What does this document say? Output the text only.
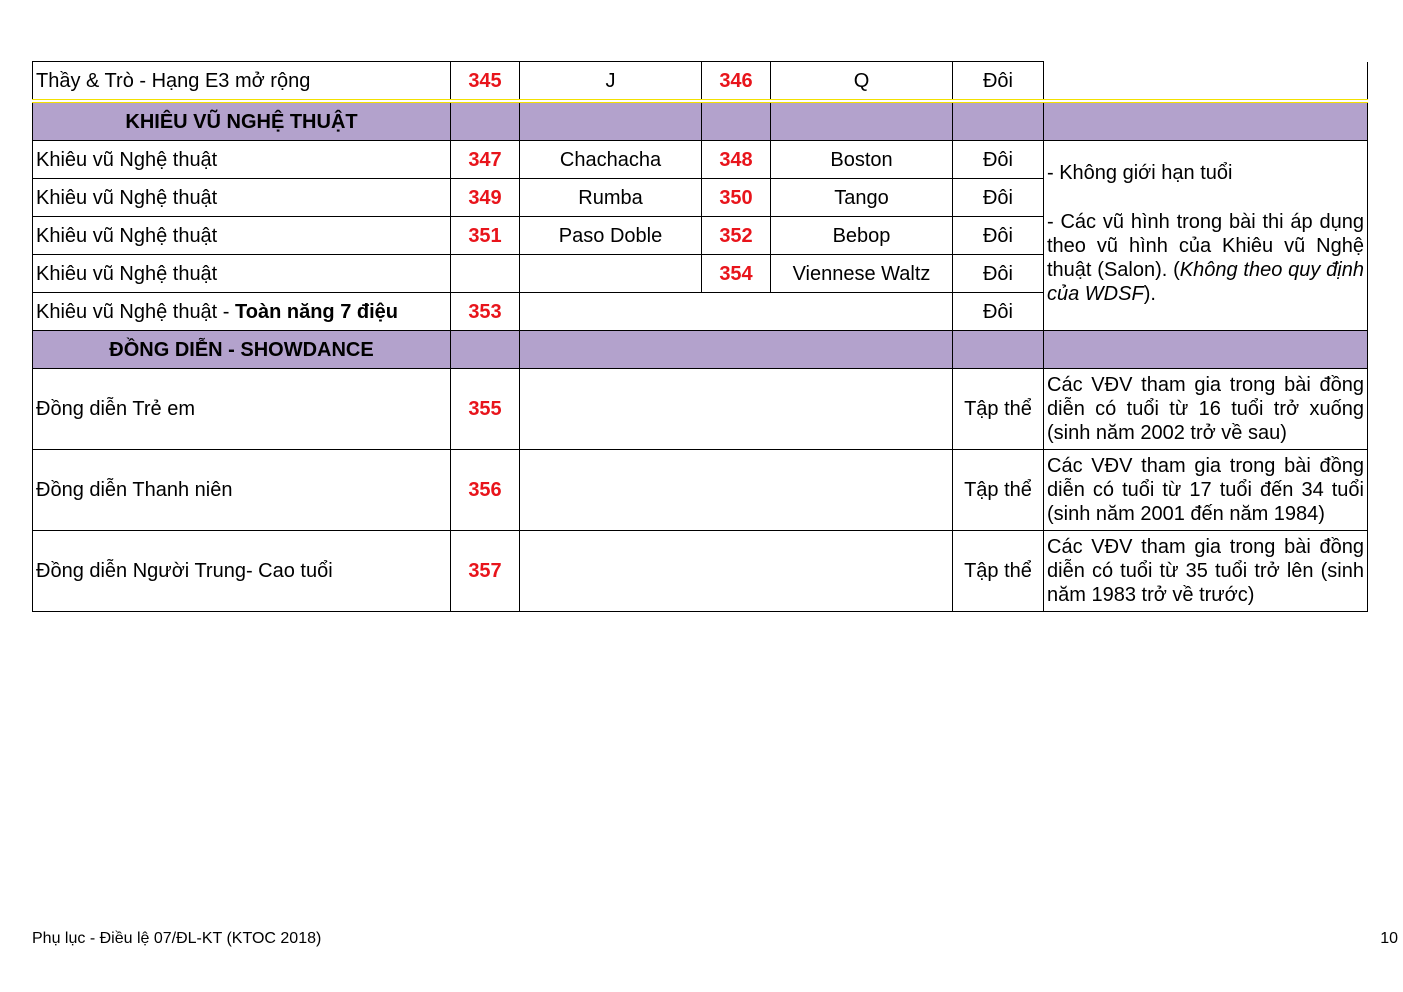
Thầy & Trò - Hạng E3 mở rộng	345	J	346	Q	Đôi	
KHIÊU VŨ NGHỆ THUẬT						
Khiêu vũ Nghệ thuật	347	Chachacha	348	Boston	Đôi	- Không giới hạn tuổi

- Các vũ hình trong bài thi áp dụng theo vũ hình của Khiêu vũ Nghệ thuật (Salon). (Không theo quy định của WDSF).

Khiêu vũ Nghệ thuật	349	Rumba	350	Tango	Đôi	
Khiêu vũ Nghệ thuật	351	Paso Doble	352	Bebop	Đôi	
Khiêu vũ Nghệ thuật			354	Viennese Waltz	Đôi	
Khiêu vũ Nghệ thuật - Toàn năng 7 điệu	353				Đôi	
ĐỒNG DIỄN - SHOWDANCE						
Đồng diễn Trẻ em	355				Tập thể	Các VĐV tham gia trong bài đồng diễn có tuổi từ 16 tuổi trở xuống (sinh năm 2002 trở về sau)
Đồng diễn Thanh niên	356				Tập thể	Các VĐV tham gia trong bài đồng diễn có tuổi từ 17 tuổi đến 34 tuổi (sinh năm 2001 đến năm 1984)
Đồng diễn Người Trung- Cao tuổi	357				Tập thể	Các VĐV tham gia trong bài đồng diễn có tuổi từ 35 tuổi trở lên (sinh năm 1983 trở về trước)
Phụ lục - Điều lệ 07/ĐL-KT (KTOC 2018)	10
